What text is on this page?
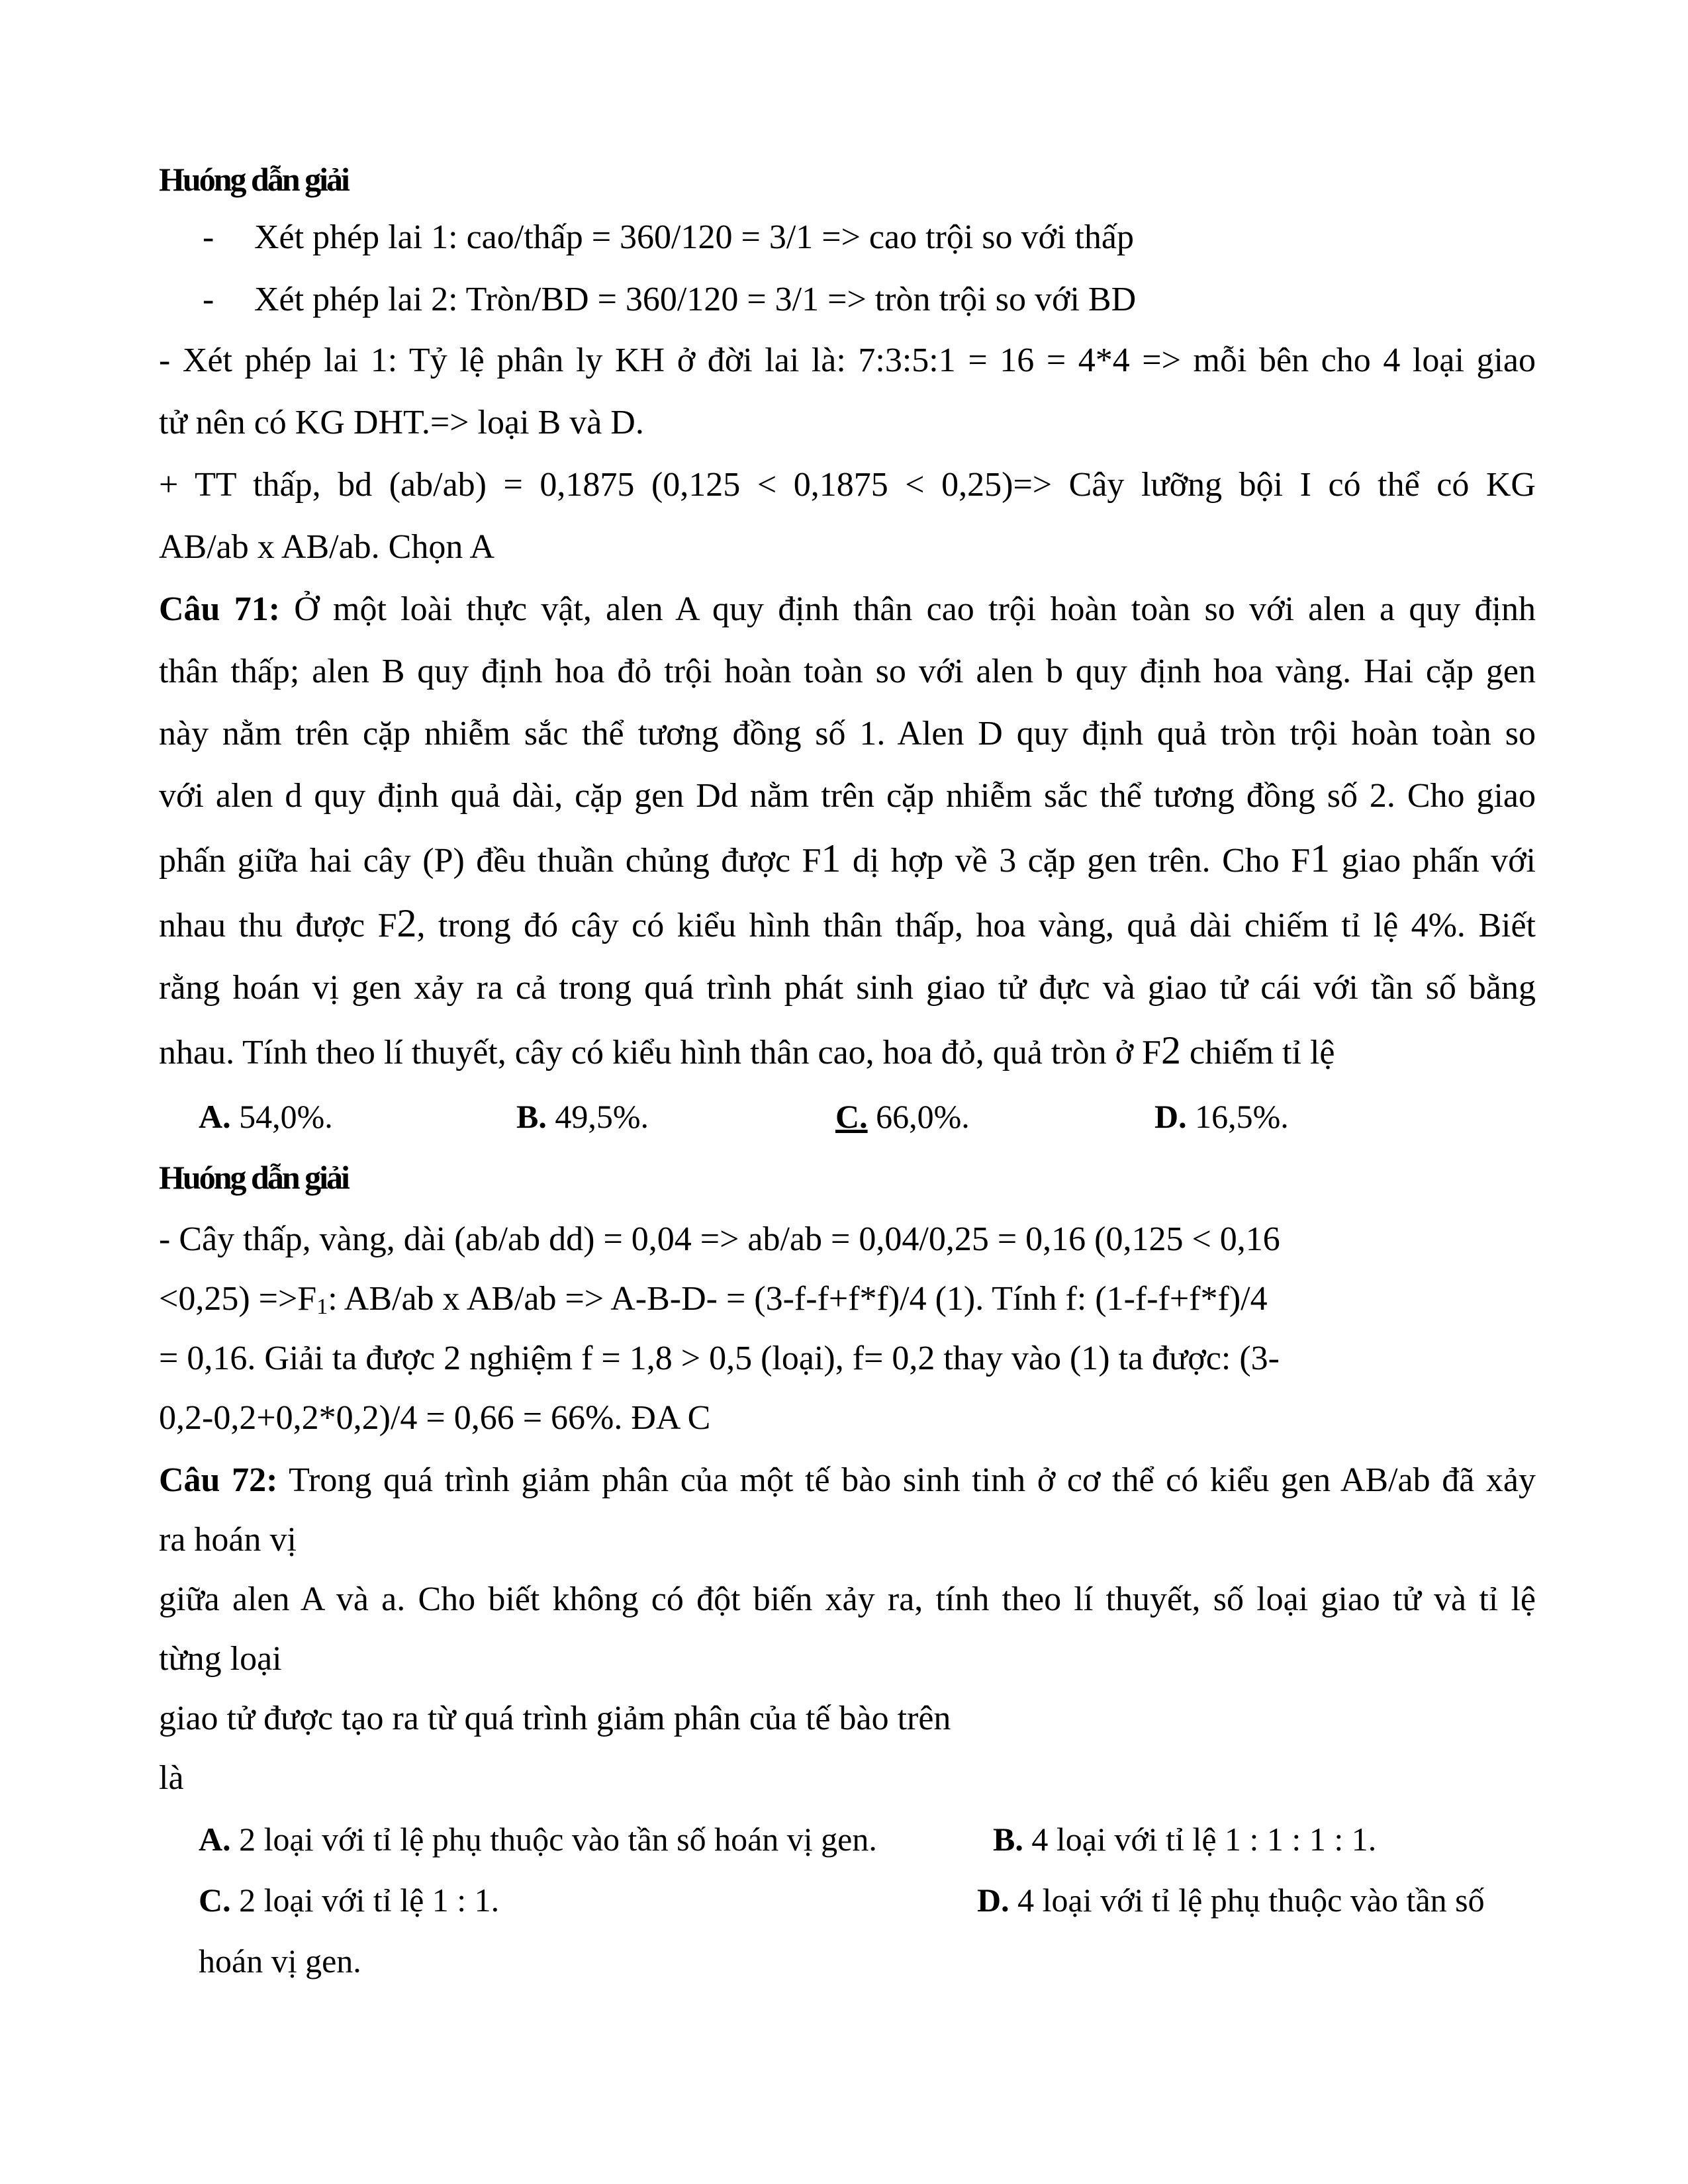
Huóng dẫn giải
-	Xét phép lai 1: cao/thấp = 360/120 = 3/1 => cao trội so với thấp
-	Xét phép lai 2: Tròn/BD = 360/120 = 3/1 => tròn trội so với BD
- Xét phép lai 1: Tỷ lệ phân ly KH ở đời lai là: 7:3:5:1 = 16 = 4*4 => mỗi bên cho 4 loại giao
tử nên có KG DHT.=> loại B và D.
+ TT thấp, bd (ab/ab) = 0,1875 (0,125 < 0,1875 < 0,25)=> Cây lưỡng bội I có thể có KG
AB/ab x AB/ab. Chọn A
Câu 71: Ở một loài thực vật, alen A quy định thân cao trội hoàn toàn so với alen a quy định
thân thấp; alen B quy định hoa đỏ trội hoàn toàn so với alen b quy định hoa vàng. Hai cặp gen
này nằm trên cặp nhiễm sắc thể tương đồng số 1. Alen D quy định quả tròn trội hoàn toàn so
với alen d quy định quả dài, cặp gen Dd nằm trên cặp nhiễm sắc thể tương đồng số 2. Cho giao
phấn giữa hai cây (P) đều thuần chủng được F1 dị hợp về 3 cặp gen trên. Cho F1 giao phấn với
nhau thu được F2, trong đó cây có kiểu hình thân thấp, hoa vàng, quả dài chiếm tỉ lệ 4%. Biết
rằng hoán vị gen xảy ra cả trong quá trình phát sinh giao tử đực và giao tử cái với tần số bằng
nhau. Tính theo lí thuyết, cây có kiểu hình thân cao, hoa đỏ, quả tròn ở F2 chiếm tỉ lệ
A. 54,0%.	B. 49,5%.	C. 66,0%.	D. 16,5%.
Huóng dẫn giải
- Cây thấp, vàng, dài (ab/ab dd) = 0,04 => ab/ab = 0,04/0,25 = 0,16 (0,125 < 0,16
<0,25) =>F1: AB/ab x AB/ab => A-B-D- = (3-f-f+f*f)/4 (1). Tính f: (1-f-f+f*f)/4
= 0,16. Giải ta được 2 nghiệm f = 1,8 > 0,5 (loại), f= 0,2 thay vào (1) ta được: (3-
0,2-0,2+0,2*0,2)/4 = 0,66 = 66%. ĐA C
Câu 72: Trong quá trình giảm phân của một tế bào sinh tinh ở cơ thể có kiểu gen AB/ab đã xảy
ra hoán vị
giữa alen A và a. Cho biết không có đột biến xảy ra, tính theo lí thuyết, số loại giao tử và tỉ lệ
từng loại
giao tử được tạo ra từ quá trình giảm phân của tế bào trên
là
A. 2 loại với tỉ lệ phụ thuộc vào tần số hoán vị gen.	B. 4 loại với tỉ lệ 1 : 1 : 1 : 1.
C. 2 loại với tỉ lệ 1 : 1.	D. 4 loại với tỉ lệ phụ thuộc vào tần số
hoán vị gen.
